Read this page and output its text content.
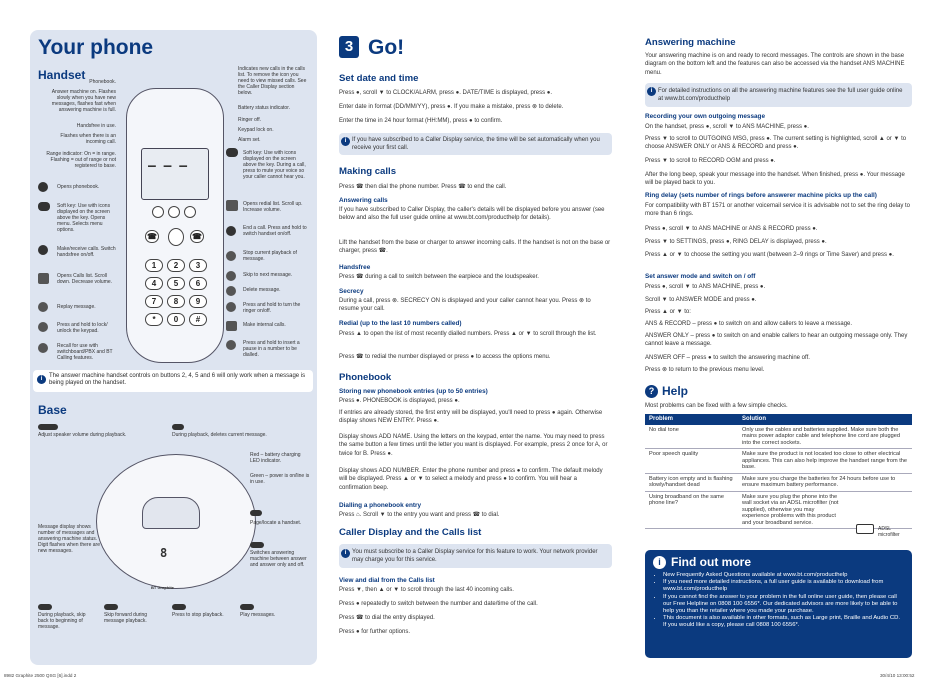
Your phone
Handset
— — —
☎	☎
1	2	3
4	5	6
7	8	9
*	0	#
Phonebook.
Answer machine on. Flashes slowly when you have new messages, flashes fast when answering machine is full.
Handsfree in use.
Flashes when there is an incoming call.
Range indicator: On = in range. Flashing = out of range or not registered to base.
Opens phonebook.
Soft key: Use with icons displayed on the screen above the key. Opens menu. Selects menu options.
Make/receive calls. Switch handsfree on/off.
Opens Calls list. Scroll down. Decrease volume.
Replay message.
Press and hold to lock/ unlock the keypad.
Recall for use with switchboard/PBX and BT Calling features.
Indicates new calls in the calls list. To remove the icon you need to view missed calls. See the Caller Display section below.
Battery status indicator.
Ringer off.
Keypad lock on.
Alarm set.
Soft key: Use with icons displayed on the screen above the key. During a call, press to mute your voice so your caller cannot hear you.
Opens redial list. Scroll up. Increase volume.
End a call. Press and hold to switch handset on/off.
Stop current playback of message.
Skip to next message.
Delete message.
Press and hold to turn the ringer on/off.
Make internal calls.
Press and hold to insert a pause in a number to be dialled.
i	The answer machine handset controls on buttons 2, 4, 5 and 6 will only work when a message is being played on the handset.
Base
8
BT Graphite
Adjust speaker volume during playback.	During playback, deletes current message.
Red – battery charging LED indicator.
Green – power is on/line is in use.
Message display shows number of messages and answering machine status. Digit flashes when there are new messages.
Page/locate a handset.
Switches answering machine between answer and answer only and off.
During playback, skip back to beginning of message.
Skip forward during message playback.
Press to stop playback.	Play messages.
3 Go!
Set date and time
Press ●, scroll ▼ to CLOCK/ALARM, press ●. DATE/TIME is displayed, press ●.
Enter date in format (DD/MM/YY), press ●. If you make a mistake, press ⊗ to delete.
Enter the time in 24 hour format (HH:MM), press ● to confirm.
i If you have subscribed to a Caller Display service, the time will be set automatically when you receive your first call.
Making calls
Press ☎ then dial the phone number. Press ☎ to end the call.
Answering calls
If you have subscribed to Caller Display, the caller's details will be displayed before you answer (see below and also the full user guide online at www.bt.com/producthelp for details).
Lift the handset from the base or charger to answer incoming calls. If the handset is not on the base or charger, press ☎.
Handsfree
Press ☎ during a call to switch between the earpiece and the loudspeaker.
Secrecy
During a call, press ⊗. SECRECY ON is displayed and your caller cannot hear you. Press ⊗ to resume your call.
Redial (up to the last 10 numbers called)
Press ▲ to open the list of most recently dialled numbers. Press ▲ or ▼ to scroll through the list.
Press ☎ to redial the number displayed or press ● to access the options menu.
Phonebook
Storing new phonebook entries (up to 50 entries)
Press ●. PHONEBOOK is displayed, press ●.
If entries are already stored, the first entry will be displayed, you'll need to press ● again. Otherwise display shows NEW ENTRY. Press ●.
Display shows ADD NAME. Using the letters on the keypad, enter the name. You may need to press the same button a few times until the letter you want is displayed. For example, press 2 once for A, or twice for B. Press ●.
Display shows ADD NUMBER. Enter the phone number and press ● to confirm. The default melody will be displayed. Press ▲ or ▼ to select a melody and press ● to confirm. You will hear a confirmation beep.
Dialling a phonebook entry
Press ⌂. Scroll ▼ to the entry you want and press ☎ to dial.
Caller Display and the Calls list
i You must subscribe to a Caller Display service for this feature to work. Your network provider may charge you for this service.
View and dial from the Calls list
Press ▼, then ▲ or ▼ to scroll through the last 40 incoming calls.
Press ● repeatedly to switch between the number and date/time of the call.
Press ☎ to dial the entry displayed.
Press ● for further options.
Answering machine
Your answering machine is on and ready to record messages. The controls are shown in the base diagram on the bottom left and the features can also be accessed via the handset ANS MACHINE menu.
i For detailed instructions on all the answering machine features see the full user guide online at www.bt.com/producthelp
Recording your own outgoing message
On the handset, press ●, scroll ▼ to ANS MACHINE, press ●.
Press ▼ to scroll to OUTGOING MSG, press ●. The current setting is highlighted, scroll ▲ or ▼ to choose ANSWER ONLY or ANS & RECORD and press ●.
Press ▼ to scroll to RECORD OGM and press ●.
After the long beep, speak your message into the handset. When finished, press ●. Your message will be played back to you.
Ring delay (sets number of rings before answerer machine picks up the call)
For compatibility with BT 1571 or another voicemail service it is advisable not to set the ring delay to more than 6 rings.
Press ●, scroll ▼ to ANS MACHINE or ANS & RECORD press ●.
Press ▼ to SETTINGS, press ●, RING DELAY is displayed, press ●.
Press ▲ or ▼ to choose the setting you want (between 2–9 rings or Time Saver) and press ●.
Set answer mode and switch on / off
Press ●, scroll ▼ to ANS MACHINE, press ●.
Scroll ▼ to ANSWER MODE and press ●.
Press ▲ or ▼ to:
ANS & RECORD – press ● to switch on and allow callers to leave a message.
ANSWER ONLY – press ● to switch on and enable callers to hear an outgoing message only. They cannot leave a message.
ANSWER OFF – press ● to switch the answering machine off.
Press ⊗ to return to the previous menu level.
? Help
Most problems can be fixed with a few simple checks.
Problem	Solution
No dial tone	Only use the cables and batteries supplied. Make sure both the mains power adaptor cable and telephone line cord are plugged into the correct sockets.
Poor speech quality	Make sure the product is not located too close to other electrical appliances. This can also help improve the handset range from the base.
Battery icon empty and is flashing slowly/handset dead	Make sure you charge the batteries for 24 hours before use to ensure maximum battery performance.
Using broadband on the same phone line?	Make sure you plug the phone into the wall socket via an ADSL microfilter (not supplied), otherwise you may experience problems with this product and your broadband service.
ADSL microfilter
i Find out more
• New Frequently Asked Questions available at www.bt.com/producthelp
• If you need more detailed instructions, a full user guide is available to download from www.bt.com/producthelp
• If you cannot find the answer to your problem in the full online user guide, then please call our Free Helpline on 0808 100 6556*. Our dedicated advisors are more likely to be able to help you than the retailer where you made your purchase.
• This document is also available in other formats, such as Large print, Braille and Audio CD. If you would like a copy, please call 0808 100 6556*.
8982 Graphite 2500 QSG [6].indd 2	30/4/10 13:00:52
